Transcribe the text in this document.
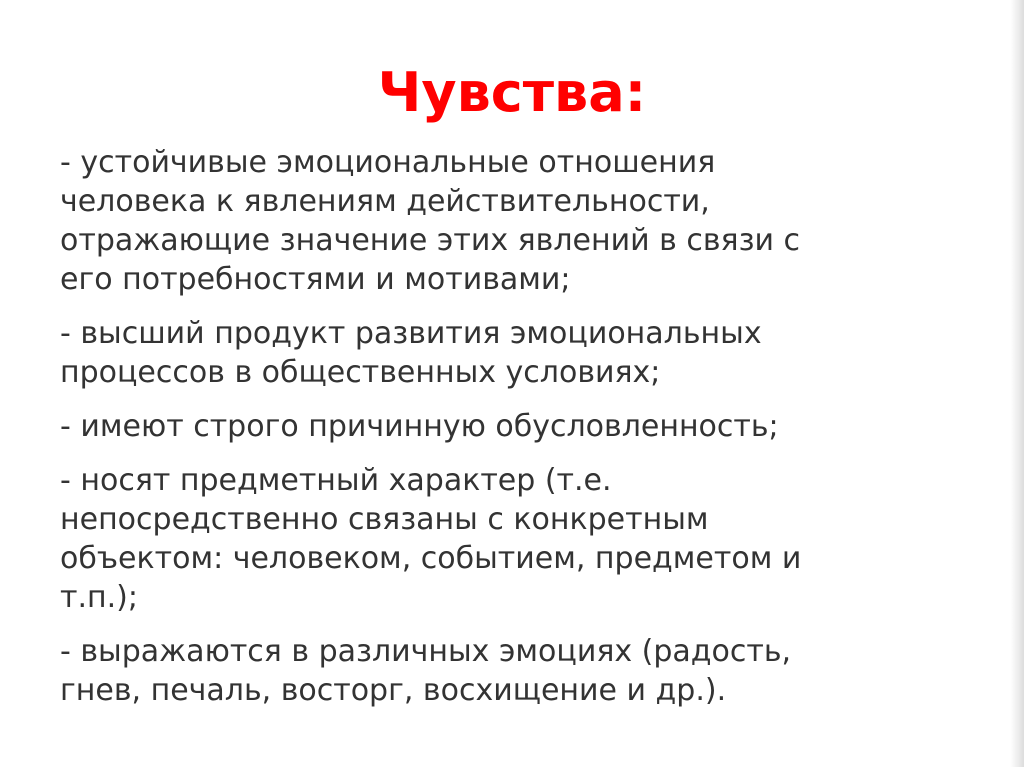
Чувства:
- устойчивые эмоциональные отношения
человека к явлениям действительности,
отражающие значение этих явлений в связи с
его потребностями и мотивами;
- высший продукт развития эмоциональных
процессов в общественных условиях;
- имеют строго причинную обусловленность;
- носят предметный характер (т.е.
непосредственно связаны с конкретным
объектом: человеком, событием, предметом и
т.п.);
- выражаются в различных эмоциях (радость,
гнев, печаль, восторг, восхищение и др.).
